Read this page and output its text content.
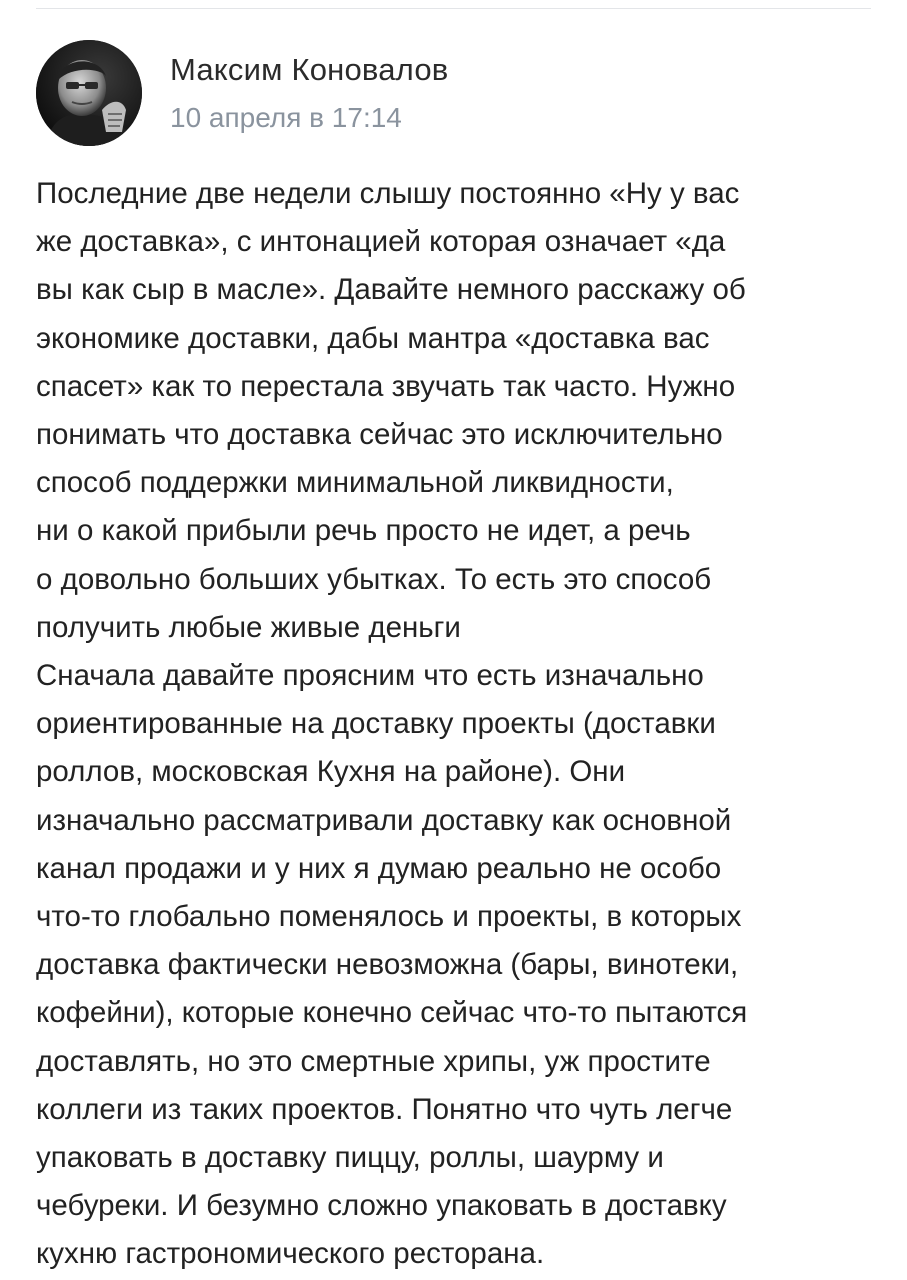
Максим Коновалов
10 апреля в 17:14
Последние две недели слышу постоянно «Ну у вас
же доставка», с интонацией которая означает «да
вы как сыр в масле». Давайте немного расскажу об
экономике доставки, дабы мантра «доставка вас
спасет» как то перестала звучать так часто. Нужно
понимать что доставка сейчас это исключительно
способ поддержки минимальной ликвидности,
ни о какой прибыли речь просто не идет, а речь
о довольно больших убытках. То есть это способ
получить любые живые деньги
Сначала давайте проясним что есть изначально
ориентированные на доставку проекты (доставки
роллов, московская Кухня на районе). Они
изначально рассматривали доставку как основной
канал продажи и у них я думаю реально не особо
что-то глобально поменялось и проекты, в которых
доставка фактически невозможна (бары, винотеки,
кофейни), которые конечно сейчас что-то пытаются
доставлять, но это смертные хрипы, уж простите
коллеги из таких проектов. Понятно что чуть легче
упаковать в доставку пиццу, роллы, шаурму и
чебуреки. И безумно сложно упаковать в доставку
кухню гастрономического ресторана.
